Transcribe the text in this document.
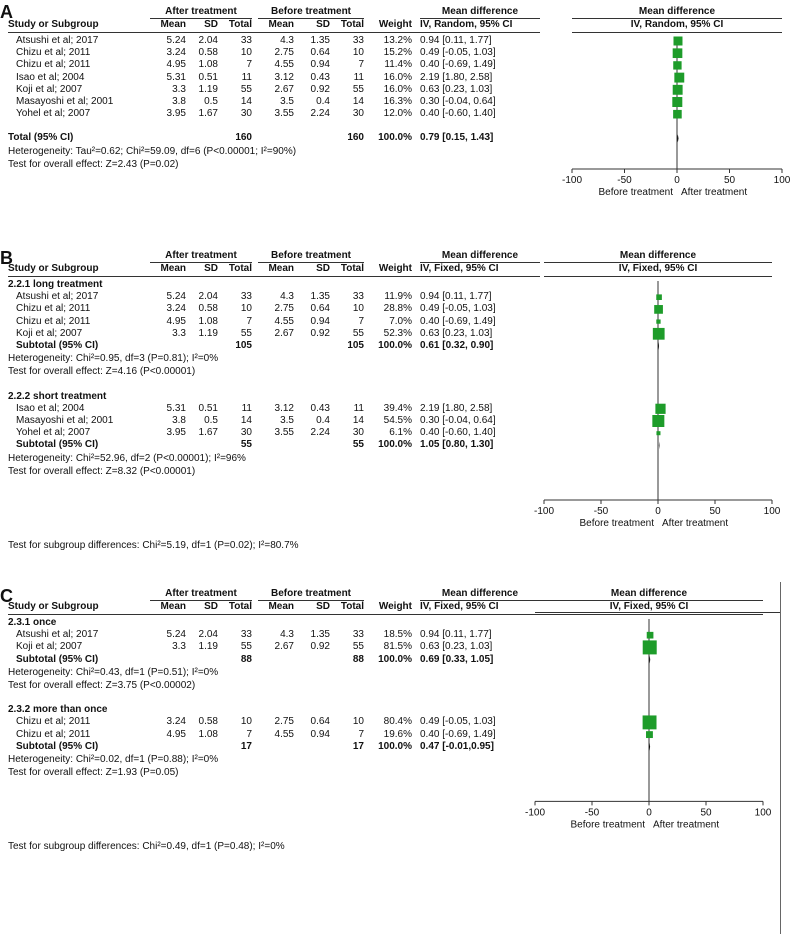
A	After treatment	Before treatment	Mean difference	Mean difference
Study or Subgroup	Mean	SD	Total	Mean	SD	Total	Weight IV, Random, 95% CI	IV, Random, 95% CI
Atsushi et al; 2017	5.24	2.04	33	4.3	1.35	33	13.2% 0.94 [0.11, 1.77]
Chizu et al; 2011	3.24	0.58	10	2.75	0.64	10	15.2% 0.49 [-0.05, 1.03]
Chizu et al; 2011	4.95	1.08	7	4.55	0.94	7	11.4% 0.40 [-0.69, 1.49]
Isao et al; 2004	5.31	0.51	11	3.12	0.43	11	16.0% 2.19 [1.80, 2.58]
Koji et al; 2007	3.3	1.19	55	2.67	0.92	55	16.0% 0.63 [0.23, 1.03]
Masayoshi et al; 2001	3.8	0.5	14	3.5	0.4	14	16.3% 0.30 [-0.04, 0.64]
Yohel et al; 2007	3.95	1.67	30	3.55	2.24	30	12.0% 0.40 [-0.60, 1.40]
Total (95% CI)	160	160	100.0% 0.79 [0.15, 1.43]
Heterogeneity: Tau²=0.62; Chi²=59.09, df=6 (P<0.00001; I²=90%)
Test for overall effect: Z=2.43 (P=0.02)
-100	-50	0	50	100
Before treatment After treatment
B	After treatment	Before treatment	Mean difference	Mean difference
Study or Subgroup	Mean	SD	Total	Mean	SD	Total	Weight IV, Fixed, 95% CI	IV, Fixed, 95% CI
2.2.1 long treatment
Atsushi et al; 2017	5.24	2.04	33	4.3	1.35	33	11.9% 0.94 [0.11, 1.77]
Chizu et al; 2011	3.24	0.58	10	2.75	0.64	10	28.8% 0.49 [-0.05, 1.03]
Chizu et al; 2011	4.95	1.08	7	4.55	0.94	7	7.0% 0.40 [-0.69, 1.49]
Koji et al; 2007	3.3	1.19	55	2.67	0.92	55	52.3% 0.63 [0.23, 1.03]
Subtotal (95% CI)	105	105	100.0% 0.61 [0.32, 0.90]
Heterogeneity: Chi²=0.95, df=3 (P=0.81); I²=0%
Test for overall effect: Z=4.16 (P<0.00001)
2.2.2 short treatment
Isao et al; 2004	5.31	0.51	11	3.12	0.43	11	39.4% 2.19 [1.80, 2.58]
Masayoshi et al; 2001	3.8	0.5	14	3.5	0.4	14	54.5% 0.30 [-0.04, 0.64]
Yohel et al; 2007	3.95	1.67	30	3.55	2.24	30	6.1% 0.40 [-0.60, 1.40]
Subtotal (95% CI)	55	55	100.0% 1.05 [0.80, 1.30]
Heterogeneity: Chi²=52.96, df=2 (P<0.00001); I²=96%
Test for overall effect: Z=8.32 (P<0.00001)
-100	-50	0	50	100
Before treatment After treatment
Test for subgroup differences: Chi²=5.19, df=1 (P=0.02); I²=80.7%
C	After treatment	Before treatment	Mean difference	Mean difference
Study or Subgroup	Mean	SD	Total	Mean	SD	Total	Weight IV, Fixed, 95% CI	IV, Fixed, 95% CI
2.3.1 once
Atsushi et al; 2017	5.24	2.04	33	4.3	1.35	33	18.5% 0.94 [0.11, 1.77]
Koji et al; 2007	3.3	1.19	55	2.67	0.92	55	81.5% 0.63 [0.23, 1.03]
Subtotal (95% CI)	88	88	100.0% 0.69 [0.33, 1.05]
Heterogeneity: Chi²=0.43, df=1 (P=0.51); I²=0%
Test for overall effect: Z=3.75 (P<0.00002)
2.3.2 more than once
Chizu et al; 2011	3.24	0.58	10	2.75	0.64	10	80.4% 0.49 [-0.05, 1.03]
Chizu et al; 2011	4.95	1.08	7	4.55	0.94	7	19.6% 0.40 [-0.69, 1.49]
Subtotal (95% CI)	17	17	100.0% 0.47 [-0.01,0.95]
Heterogeneity: Chi²=0.02, df=1 (P=0.88); I²=0%
Test for overall effect: Z=1.93 (P=0.05)
-100	-50	0	50	100
Before treatment After treatment
Test for subgroup differences: Chi²=0.49, df=1 (P=0.48); I²=0%
